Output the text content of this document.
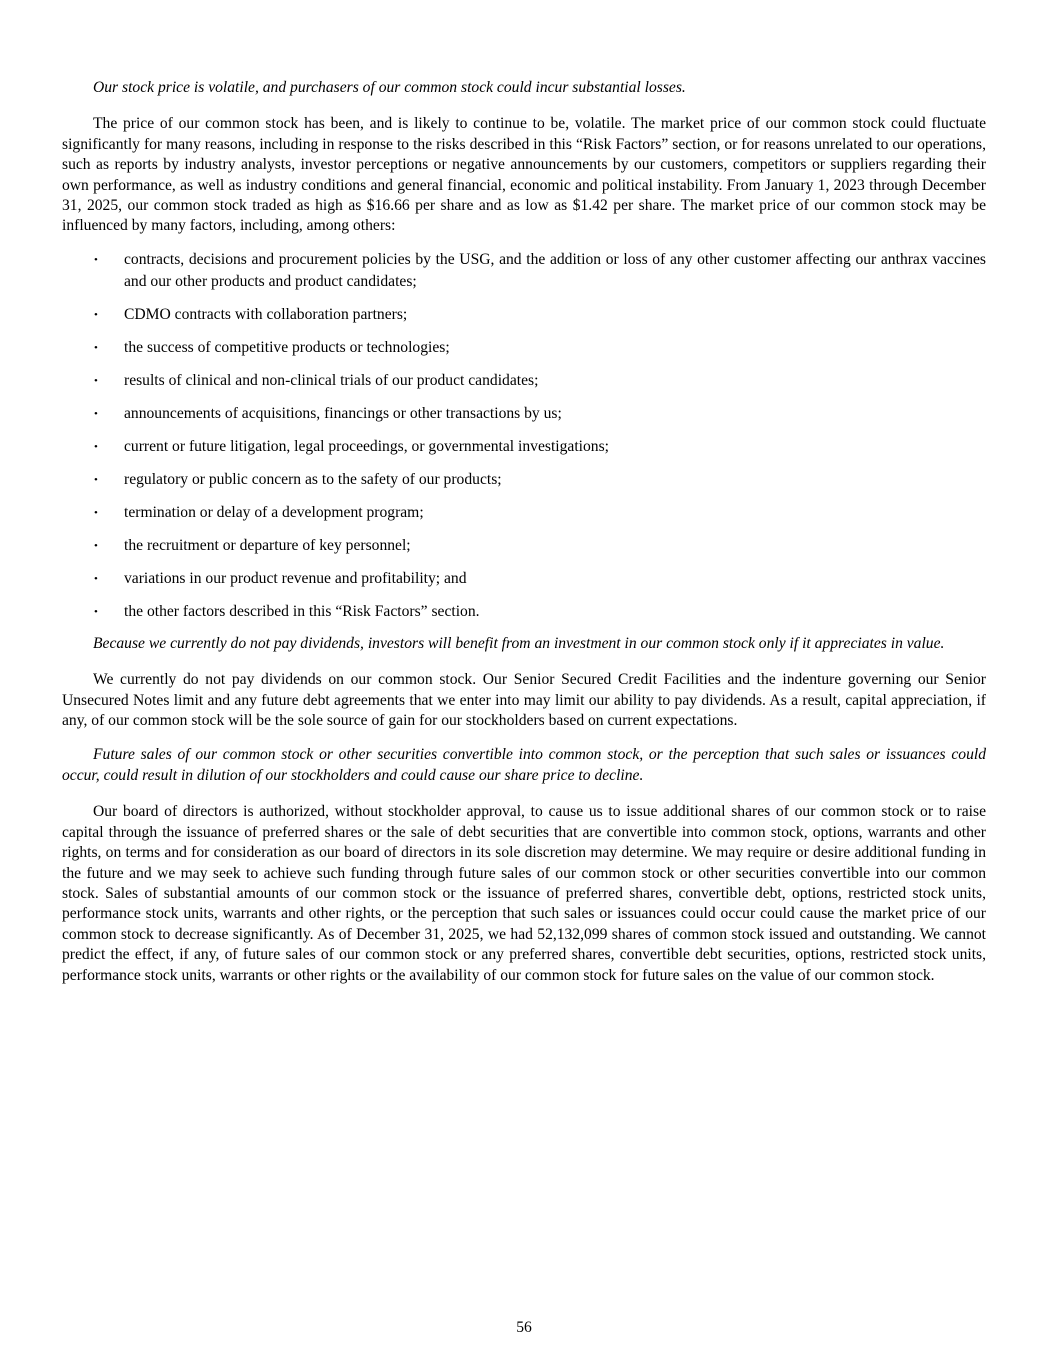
Our stock price is volatile, and purchasers of our common stock could incur substantial losses.

The price of our common stock has been, and is likely to continue to be, volatile. The market price of our common stock could fluctuate significantly for many reasons, including in response to the risks described in this “Risk Factors” section, or for reasons unrelated to our operations, such as reports by industry analysts, investor perceptions or negative announcements by our customers, competitors or suppliers regarding their own performance, as well as industry conditions and general financial, economic and political instability. From January 1, 2023 through December 31, 2025, our common stock traded as high as $16.66 per share and as low as $1.42 per share. The market price of our common stock may be influenced by many factors, including, among others:

• contracts, decisions and procurement policies by the USG, and the addition or loss of any other customer affecting our anthrax vaccines and our other products and product candidates;
• CDMO contracts with collaboration partners;
• the success of competitive products or technologies;
• results of clinical and non-clinical trials of our product candidates;
• announcements of acquisitions, financings or other transactions by us;
• current or future litigation, legal proceedings, or governmental investigations;
• regulatory or public concern as to the safety of our products;
• termination or delay of a development program;
• the recruitment or departure of key personnel;
• variations in our product revenue and profitability; and
• the other factors described in this “Risk Factors” section.

Because we currently do not pay dividends, investors will benefit from an investment in our common stock only if it appreciates in value.

We currently do not pay dividends on our common stock. Our Senior Secured Credit Facilities and the indenture governing our Senior Unsecured Notes limit and any future debt agreements that we enter into may limit our ability to pay dividends. As a result, capital appreciation, if any, of our common stock will be the sole source of gain for our stockholders based on current expectations.

Future sales of our common stock or other securities convertible into common stock, or the perception that such sales or issuances could occur, could result in dilution of our stockholders and could cause our share price to decline.

Our board of directors is authorized, without stockholder approval, to cause us to issue additional shares of our common stock or to raise capital through the issuance of preferred shares or the sale of debt securities that are convertible into common stock, options, warrants and other rights, on terms and for consideration as our board of directors in its sole discretion may determine. We may require or desire additional funding in the future and we may seek to achieve such funding through future sales of our common stock or other securities convertible into our common stock. Sales of substantial amounts of our common stock or the issuance of preferred shares, convertible debt, options, restricted stock units, performance stock units, warrants and other rights, or the perception that such sales or issuances could occur could cause the market price of our common stock to decrease significantly. As of December 31, 2025, we had 52,132,099 shares of common stock issued and outstanding. We cannot predict the effect, if any, of future sales of our common stock or any preferred shares, convertible debt securities, options, restricted stock units, performance stock units, warrants or other rights or the availability of our common stock for future sales on the value of our common stock.

56
